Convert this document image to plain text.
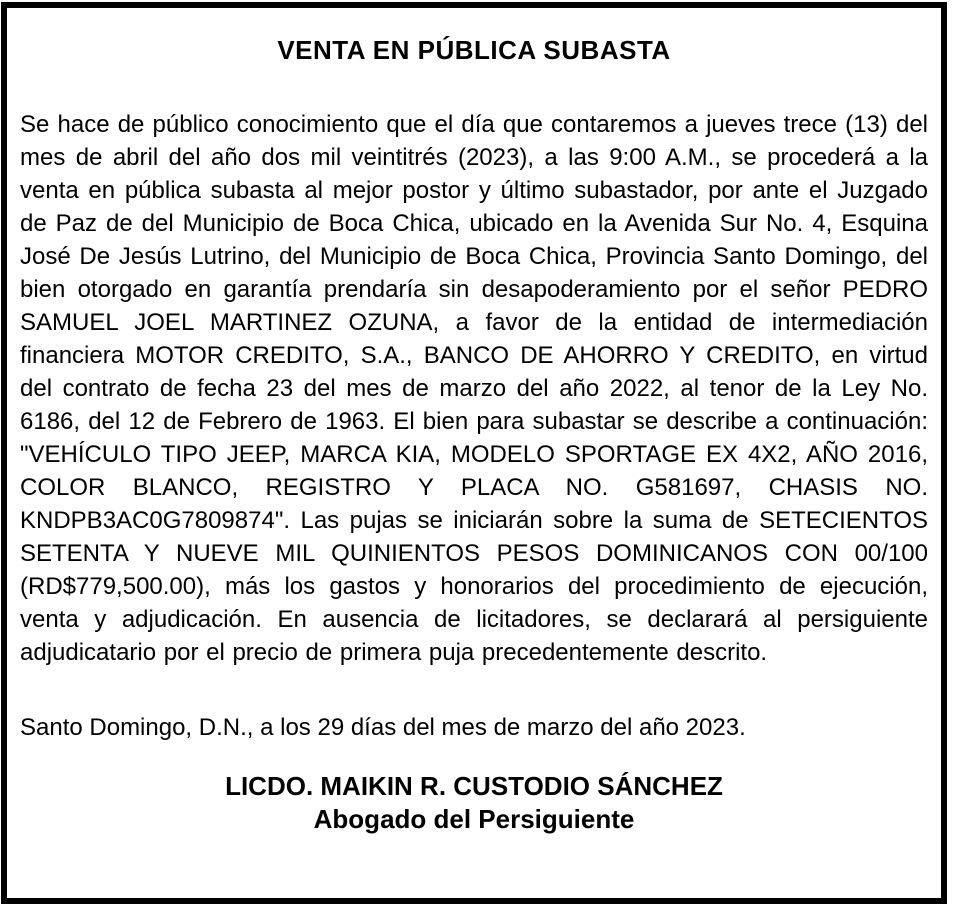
VENTA EN PÚBLICA SUBASTA

Se hace de público conocimiento que el día que contaremos a jueves trece (13) del mes de abril del año dos mil veintitrés (2023), a las 9:00 A.M., se procederá a la venta en pública subasta al mejor postor y último subastador, por ante el Juzgado de Paz de del Municipio de Boca Chica, ubicado en la Avenida Sur No. 4, Esquina José De Jesús Lutrino, del Municipio de Boca Chica, Provincia Santo Domingo, del bien otorgado en garantía prendaría sin desapoderamiento por el señor PEDRO SAMUEL JOEL MARTINEZ OZUNA, a favor de la entidad de intermediación financiera MOTOR CREDITO, S.A., BANCO DE AHORRO Y CREDITO, en virtud del contrato de fecha 23 del mes de marzo del año 2022, al tenor de la Ley No. 6186, del 12 de Febrero de 1963. El bien para subastar se describe a continuación: "VEHÍCULO TIPO JEEP, MARCA KIA, MODELO SPORTAGE EX 4X2, AÑO 2016, COLOR BLANCO, REGISTRO Y PLACA NO. G581697, CHASIS NO. KNDPB3AC0G7809874". Las pujas se iniciarán sobre la suma de SETECIENTOS SETENTA Y NUEVE MIL QUINIENTOS PESOS DOMINICANOS CON 00/100 (RD$779,500.00), más los gastos y honorarios del procedimiento de ejecución, venta y adjudicación. En ausencia de licitadores, se declarará al persiguiente adjudicatario por el precio de primera puja precedentemente descrito.

Santo Domingo, D.N., a los 29 días del mes de marzo del año 2023.

LICDO. MAIKIN R. CUSTODIO SÁNCHEZ
Abogado del Persiguiente
